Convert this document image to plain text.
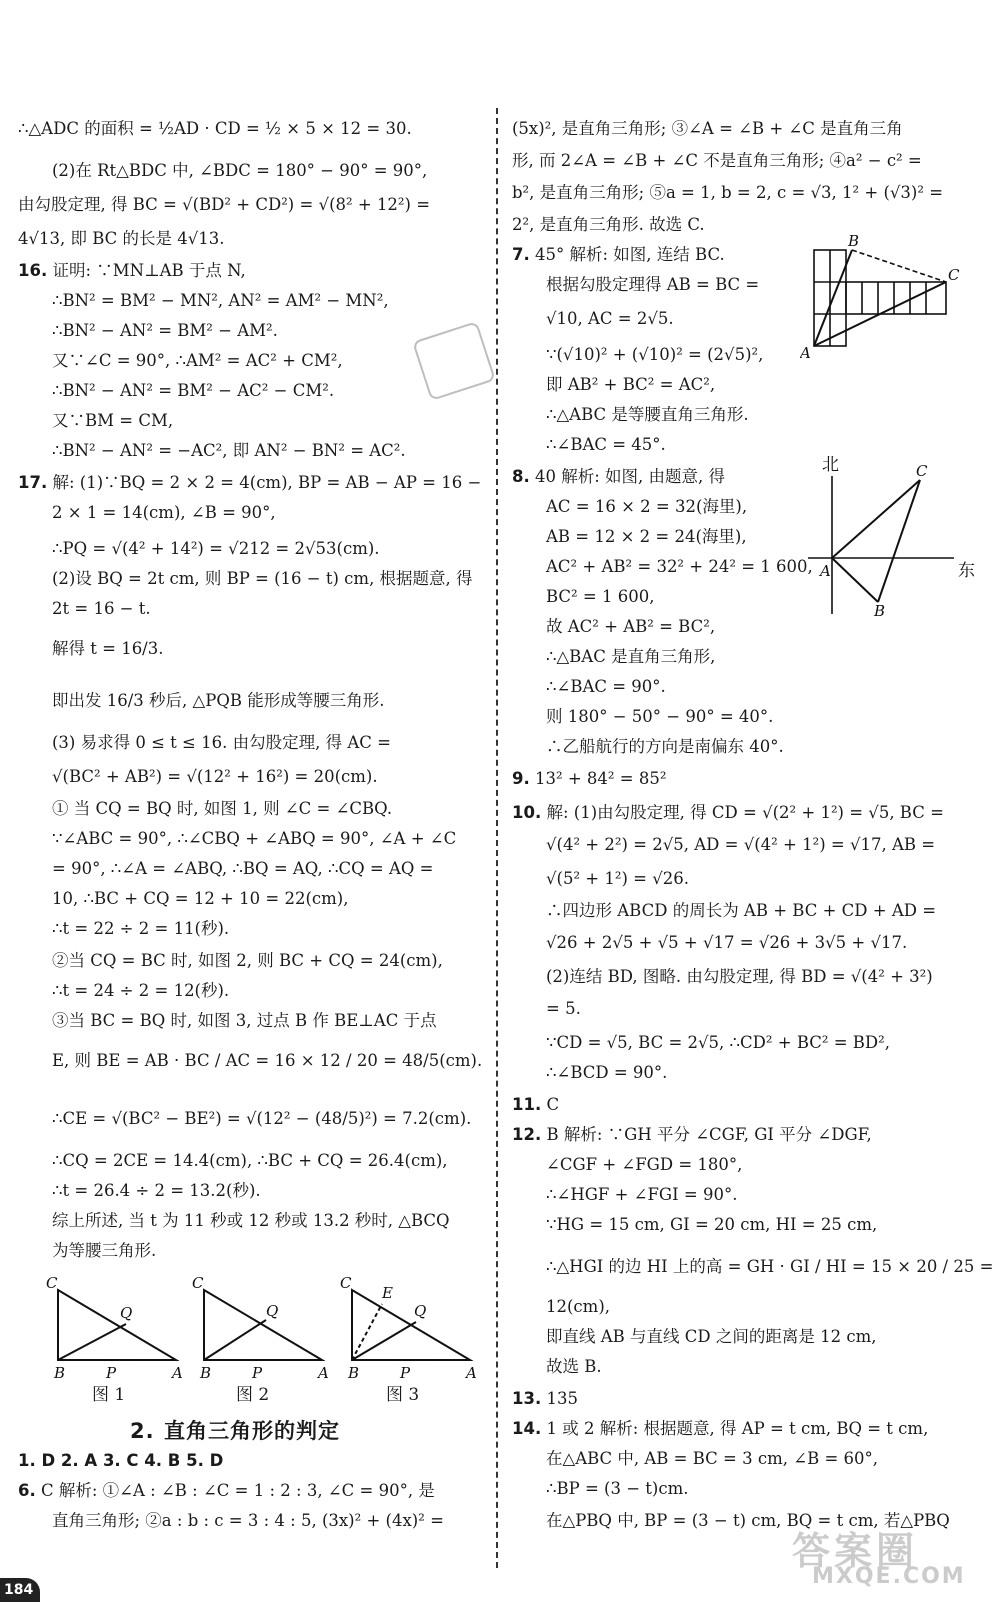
∴△ADC 的面积 = ½AD · CD = ½ × 5 × 12 = 30.
(2)在 Rt△BDC 中, ∠BDC = 180° − 90° = 90°,
由勾股定理, 得 BC = √(BD² + CD²) = √(8² + 12²) =
4√13, 即 BC 的长是 4√13.
16. 证明: ∵MN⊥AB 于点 N,
∴BN² = BM² − MN², AN² = AM² − MN²,
∴BN² − AN² = BM² − AM².
又∵∠C = 90°, ∴AM² = AC² + CM²,
∴BN² − AN² = BM² − AC² − CM².
又∵BM = CM,
∴BN² − AN² = −AC², 即 AN² − BN² = AC².
17. 解: (1)∵BQ = 2 × 2 = 4(cm), BP = AB − AP = 16 −
2 × 1 = 14(cm), ∠B = 90°,
∴PQ = √(4² + 14²) = √212 = 2√53(cm).
(2)设 BQ = 2t cm, 则 BP = (16 − t) cm, 根据题意, 得
2t = 16 − t.
解得 t = 16/3.
即出发 16/3 秒后, △PQB 能形成等腰三角形.
(3) 易求得 0 ≤ t ≤ 16. 由勾股定理, 得 AC =
√(BC² + AB²) = √(12² + 16²) = 20(cm).
① 当 CQ = BQ 时, 如图 1, 则 ∠C = ∠CBQ.
∵∠ABC = 90°, ∴∠CBQ + ∠ABQ = 90°, ∠A + ∠C
= 90°, ∴∠A = ∠ABQ, ∴BQ = AQ, ∴CQ = AQ =
10, ∴BC + CQ = 12 + 10 = 22(cm),
∴t = 22 ÷ 2 = 11(秒).
②当 CQ = BC 时, 如图 2, 则 BC + CQ = 24(cm),
∴t = 24 ÷ 2 = 12(秒).
③当 BC = BQ 时, 如图 3, 过点 B 作 BE⊥AC 于点
E, 则 BE = AB · BC / AC = 16 × 12 / 20 = 48/5(cm).
∴CE = √(BC² − BE²) = √(12² − (48/5)²) = 7.2(cm).
∴CQ = 2CE = 14.4(cm), ∴BC + CQ = 26.4(cm),
∴t = 26.4 ÷ 2 = 13.2(秒).
综上所述, 当 t 为 11 秒或 12 秒或 13.2 秒时, △BCQ
为等腰三角形.
1. D 2. A 3. C 4. B 5. D
6. C 解析: ①∠A : ∠B : ∠C = 1 : 2 : 3, ∠C = 90°, 是
直角三角形; ②a : b : c = 3 : 4 : 5, (3x)² + (4x)² =
(5x)², 是直角三角形; ③∠A = ∠B + ∠C 是直角三角
形, 而 2∠A = ∠B + ∠C 不是直角三角形; ④a² − c² =
b², 是直角三角形; ⑤a = 1, b = 2, c = √3, 1² + (√3)² =
2², 是直角三角形. 故选 C.
7. 45° 解析: 如图, 连结 BC.
根据勾股定理得 AB = BC =
√10, AC = 2√5.
∵(√10)² + (√10)² = (2√5)²,
即 AB² + BC² = AC²,
∴△ABC 是等腰直角三角形.
∴∠BAC = 45°.
8. 40 解析: 如图, 由题意, 得
AC = 16 × 2 = 32(海里),
AB = 12 × 2 = 24(海里),
AC² + AB² = 32² + 24² = 1 600,
BC² = 1 600,
故 AC² + AB² = BC²,
∴△BAC 是直角三角形,
∴∠BAC = 90°.
则 180° − 50° − 90° = 40°.
∴乙船航行的方向是南偏东 40°.
9. 13² + 84² = 85²
10. 解: (1)由勾股定理, 得 CD = √(2² + 1²) = √5, BC =
√(4² + 2²) = 2√5, AD = √(4² + 1²) = √17, AB =
√(5² + 1²) = √26.
∴四边形 ABCD 的周长为 AB + BC + CD + AD =
√26 + 2√5 + √5 + √17 = √26 + 3√5 + √17.
(2)连结 BD, 图略. 由勾股定理, 得 BD = √(4² + 3²)
= 5.
∵CD = √5, BC = 2√5, ∴CD² + BC² = BD²,
∴∠BCD = 90°.
11. C
12. B 解析: ∵GH 平分 ∠CGF, GI 平分 ∠DGF,
∠CGF + ∠FGD = 180°,
∴∠HGF + ∠FGI = 90°.
∵HG = 15 cm, GI = 20 cm, HI = 25 cm,
∴△HGI 的边 HI 上的高 = GH · GI / HI = 15 × 20 / 25 =
12(cm),
即直线 AB 与直线 CD 之间的距离是 12 cm,
故选 B.
13. 135
14. 1 或 2 解析: 根据题意, 得 AP = t cm, BQ = t cm,
在△ABC 中, AB = BC = 3 cm, ∠B = 60°,
∴BP = (3 − t)cm.
在△PBQ 中, BP = (3 − t) cm, BQ = t cm, 若△PBQ
C
Q
B	P	A
C
Q
B	P	A
C
E
Q
B	P	A
图 1	图 2	图 3
2. 直角三角形的判定
B
C
A
北
东
C
A
B
答案圈
MXQE.COM
184
